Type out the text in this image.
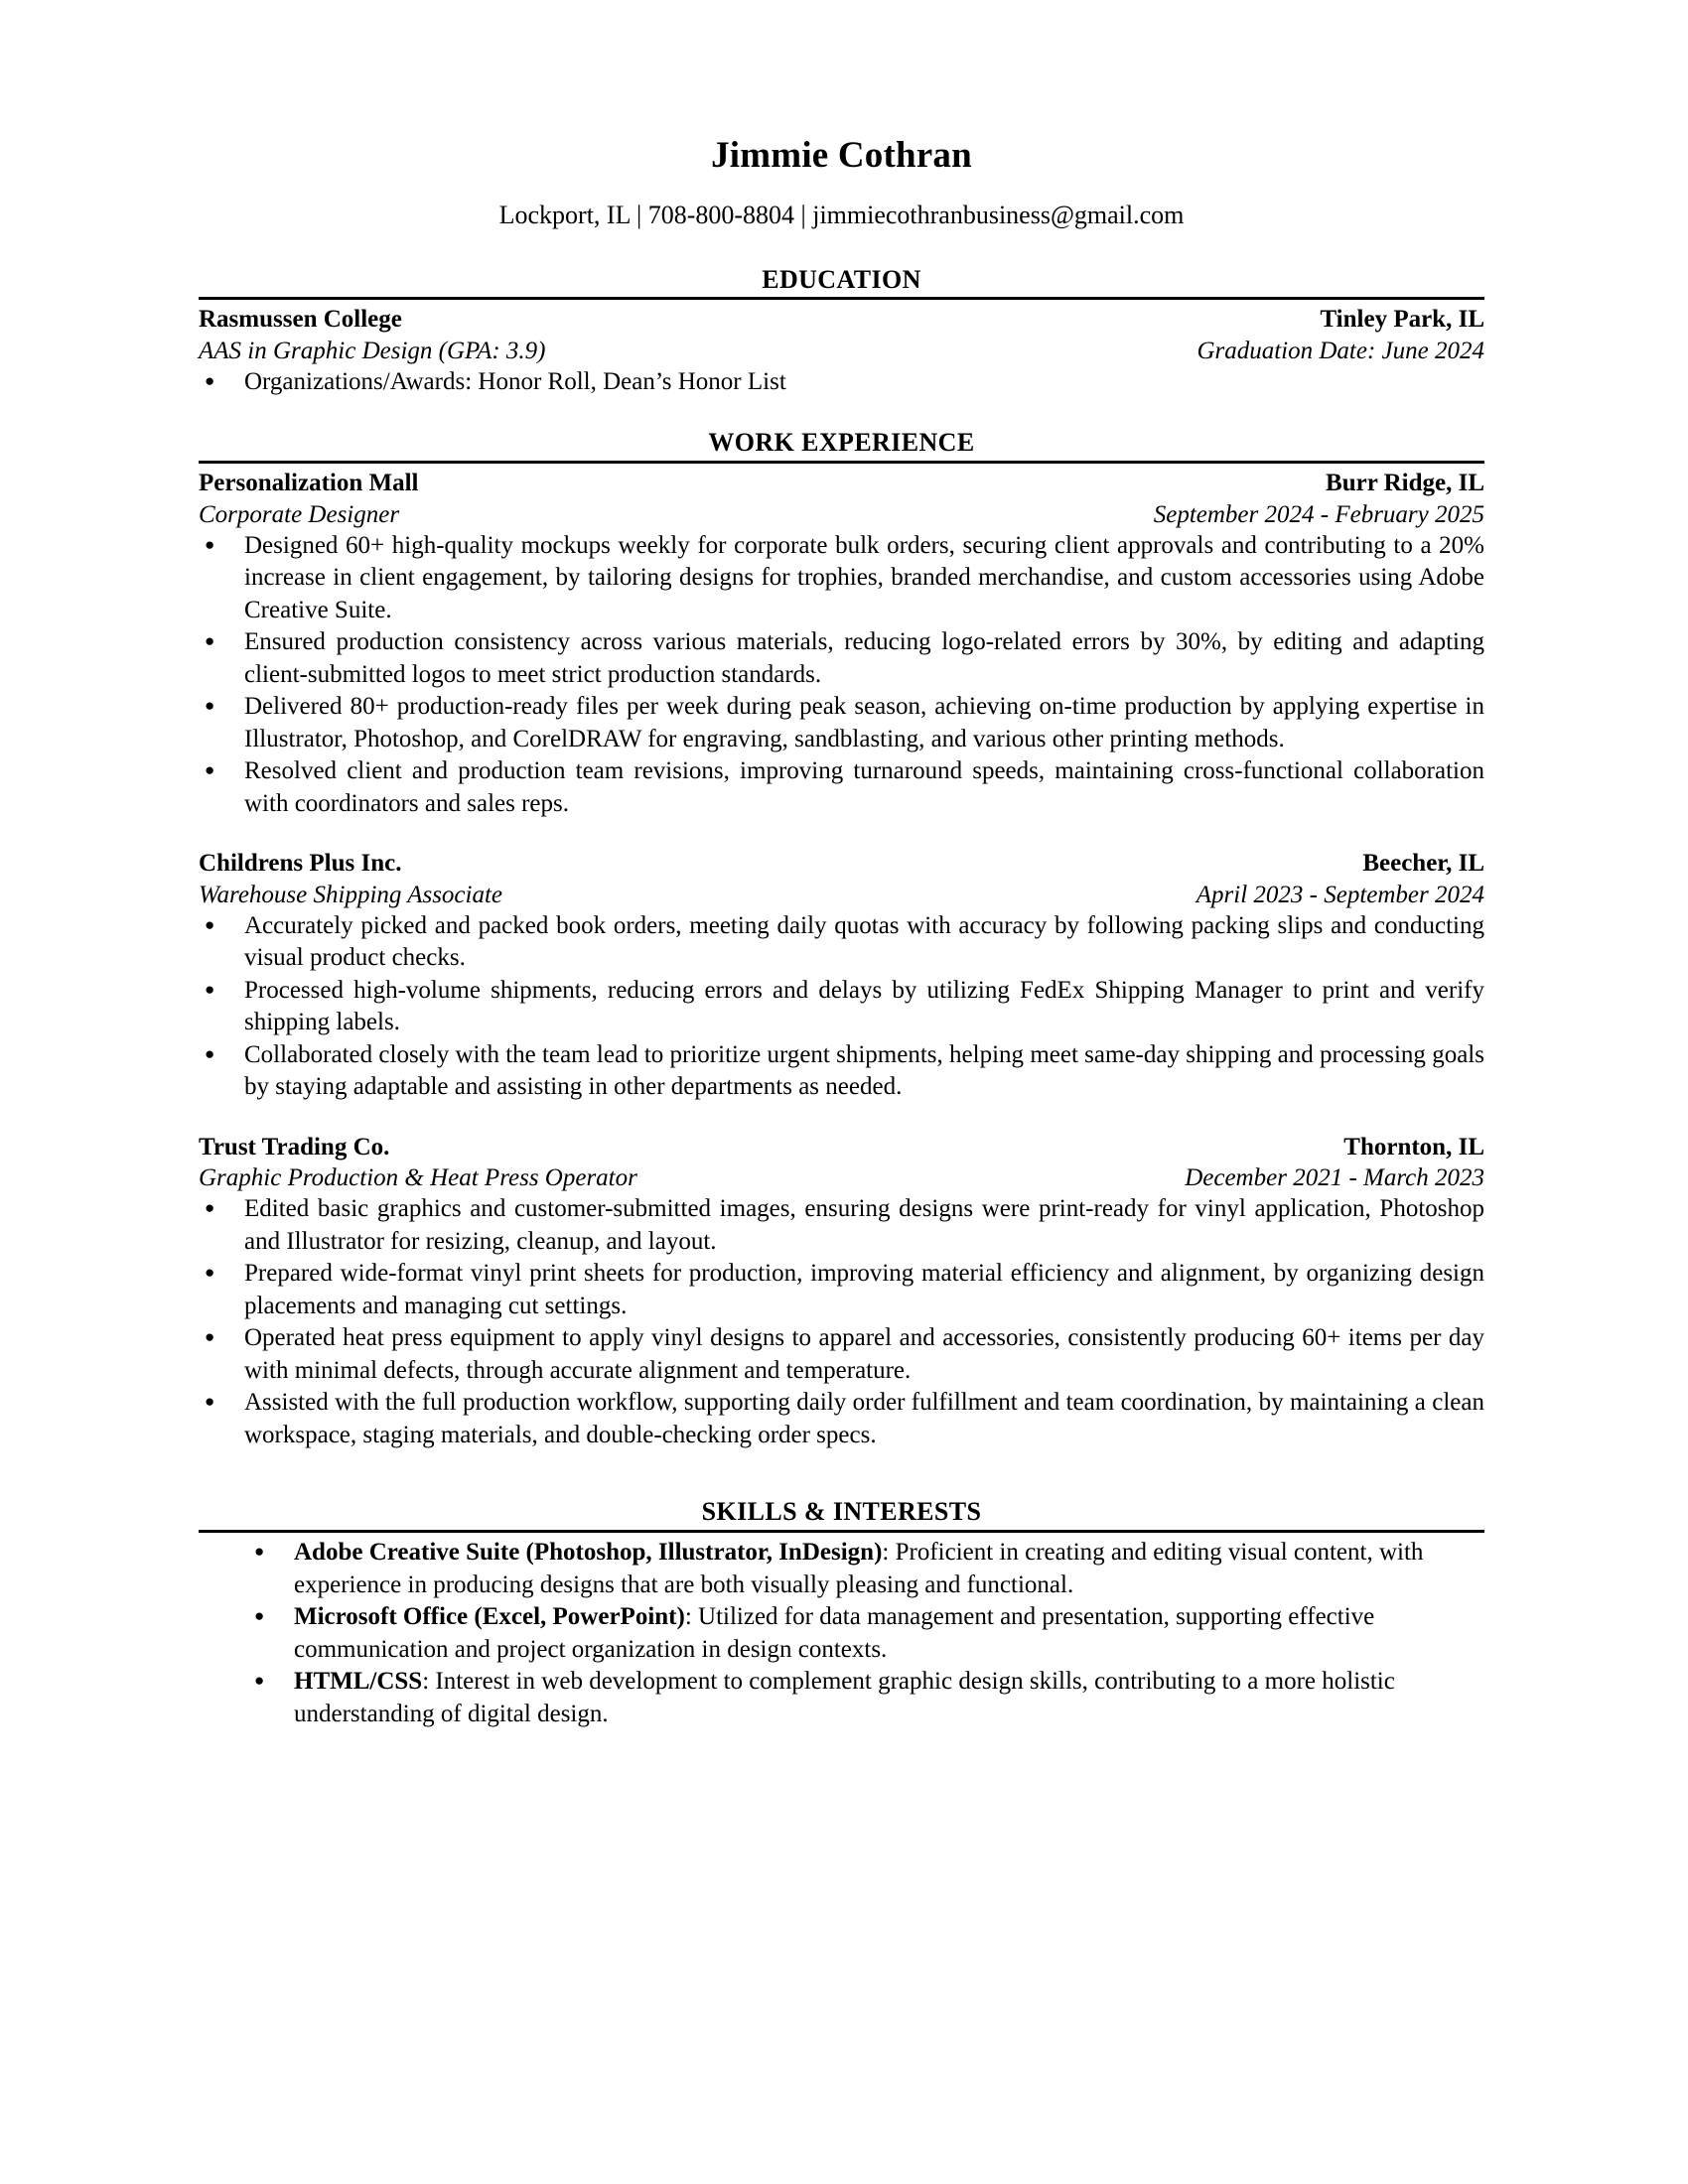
Jimmie Cothran
Lockport, IL | 708-800-8804 | jimmiecothranbusiness@gmail.com
EDUCATION
Rasmussen College	Tinley Park, IL
AAS in Graphic Design (GPA: 3.9)	Graduation Date: June 2024
● Organizations/Awards: Honor Roll, Dean’s Honor List
WORK EXPERIENCE
Personalization Mall	Burr Ridge, IL
Corporate Designer	September 2024 - February 2025
● Designed 60+ high-quality mockups weekly for corporate bulk orders, securing client approvals and contributing to a 20% increase in client engagement, by tailoring designs for trophies, branded merchandise, and custom accessories using Adobe Creative Suite.
● Ensured production consistency across various materials, reducing logo-related errors by 30%, by editing and adapting client-submitted logos to meet strict production standards.
● Delivered 80+ production-ready files per week during peak season, achieving on-time production by applying expertise in Illustrator, Photoshop, and CorelDRAW for engraving, sandblasting, and various other printing methods.
● Resolved client and production team revisions, improving turnaround speeds, maintaining cross-functional collaboration with coordinators and sales reps.
Childrens Plus Inc.	Beecher, IL
Warehouse Shipping Associate	April 2023 - September 2024
● Accurately picked and packed book orders, meeting daily quotas with accuracy by following packing slips and conducting visual product checks.
● Processed high-volume shipments, reducing errors and delays by utilizing FedEx Shipping Manager to print and verify shipping labels.
● Collaborated closely with the team lead to prioritize urgent shipments, helping meet same-day shipping and processing goals by staying adaptable and assisting in other departments as needed.
Trust Trading Co.	Thornton, IL
Graphic Production & Heat Press Operator	December 2021 - March 2023
● Edited basic graphics and customer-submitted images, ensuring designs were print-ready for vinyl application, Photoshop and Illustrator for resizing, cleanup, and layout.
● Prepared wide-format vinyl print sheets for production, improving material efficiency and alignment, by organizing design placements and managing cut settings.
● Operated heat press equipment to apply vinyl designs to apparel and accessories, consistently producing 60+ items per day with minimal defects, through accurate alignment and temperature.
● Assisted with the full production workflow, supporting daily order fulfillment and team coordination, by maintaining a clean workspace, staging materials, and double-checking order specs.
SKILLS & INTERESTS
● Adobe Creative Suite (Photoshop, Illustrator, InDesign): Proficient in creating and editing visual content, with experience in producing designs that are both visually pleasing and functional.
● Microsoft Office (Excel, PowerPoint): Utilized for data management and presentation, supporting effective communication and project organization in design contexts.
● HTML/CSS: Interest in web development to complement graphic design skills, contributing to a more holistic understanding of digital design.
